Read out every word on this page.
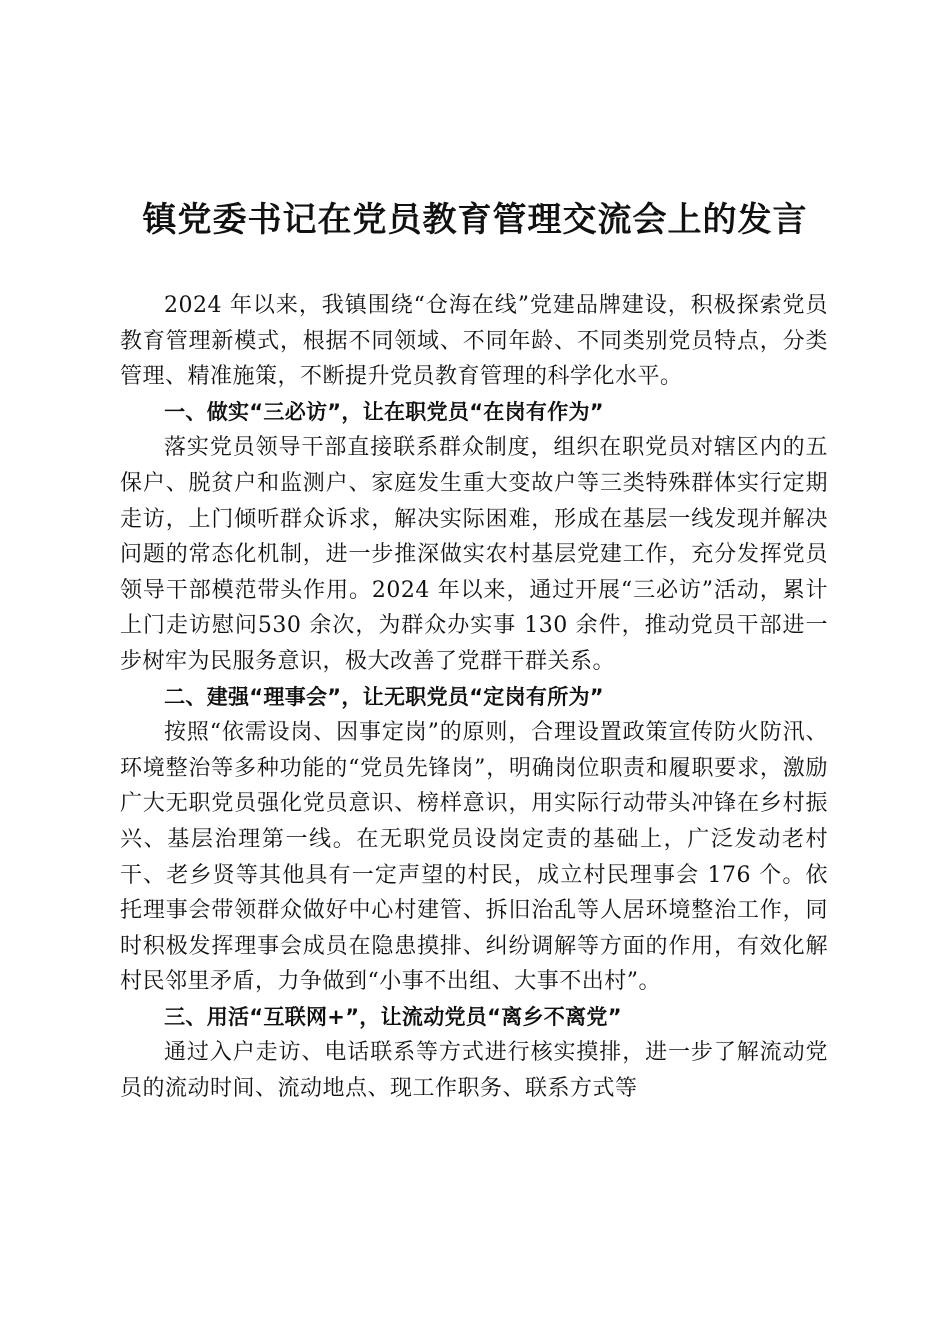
镇党委书记在党员教育管理交流会上的发言

2024 年以来，我镇围绕“仓海在线”党建品牌建设，积极探索党员教育管理新模式，根据不同领域、不同年龄、不同类别党员特点，分类管理、精准施策，不断提升党员教育管理的科学化水平。

一、做实“三必访”，让在职党员“在岗有作为”

落实党员领导干部直接联系群众制度，组织在职党员对辖区内的五保户、脱贫户和监测户、家庭发生重大变故户等三类特殊群体实行定期走访，上门倾听群众诉求，解决实际困难，形成在基层一线发现并解决问题的常态化机制，进一步推深做实农村基层党建工作，充分发挥党员领导干部模范带头作用。2024 年以来，通过开展“三必访”活动，累计上门走访慰问530 余次，为群众办实事 130 余件，推动党员干部进一步树牢为民服务意识，极大改善了党群干群关系。

二、建强“理事会”，让无职党员“定岗有所为”

按照“依需设岗、因事定岗”的原则，合理设置政策宣传防火防汛、环境整治等多种功能的“党员先锋岗”，明确岗位职责和履职要求，激励广大无职党员强化党员意识、榜样意识，用实际行动带头冲锋在乡村振兴、基层治理第一线。在无职党员设岗定责的基础上，广泛发动老村干、老乡贤等其他具有一定声望的村民，成立村民理事会 176 个。依托理事会带领群众做好中心村建管、拆旧治乱等人居环境整治工作，同时积极发挥理事会成员在隐患摸排、纠纷调解等方面的作用，有效化解村民邻里矛盾，力争做到“小事不出组、大事不出村”。

三、用活“互联网+”，让流动党员“离乡不离党”

通过入户走访、电话联系等方式进行核实摸排，进一步了解流动党员的流动时间、流动地点、现工作职务、联系方式等
